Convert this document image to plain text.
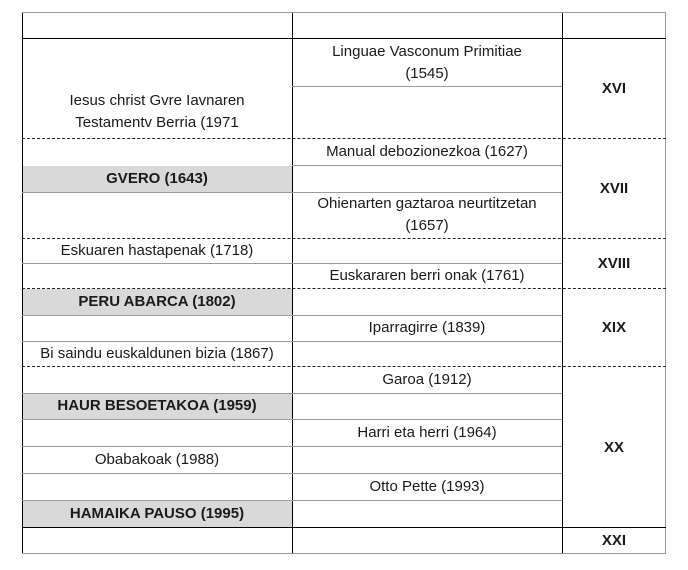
Iesus christ Gvre Iavnaren
Testamentv Berria (1971
GVERO (1643)
Eskuaren hastapenak (1718)
PERU ABARCA (1802)
Bi saindu euskaldunen bizia (1867)
HAUR BESOETAKOA (1959)
Obabakoak (1988)
HAMAIKA PAUSO (1995)
Linguae Vasconum Primitiae
(1545)
Manual debozionezkoa (1627)
Ohienarten gaztaroa neurtitzetan
(1657)
Euskararen berri onak (1761)
Iparragirre (1839)
Garoa (1912)
Harri eta herri (1964)
Otto Pette (1993)
XVI
XVII
XVIII
XIX
XX
XXI
